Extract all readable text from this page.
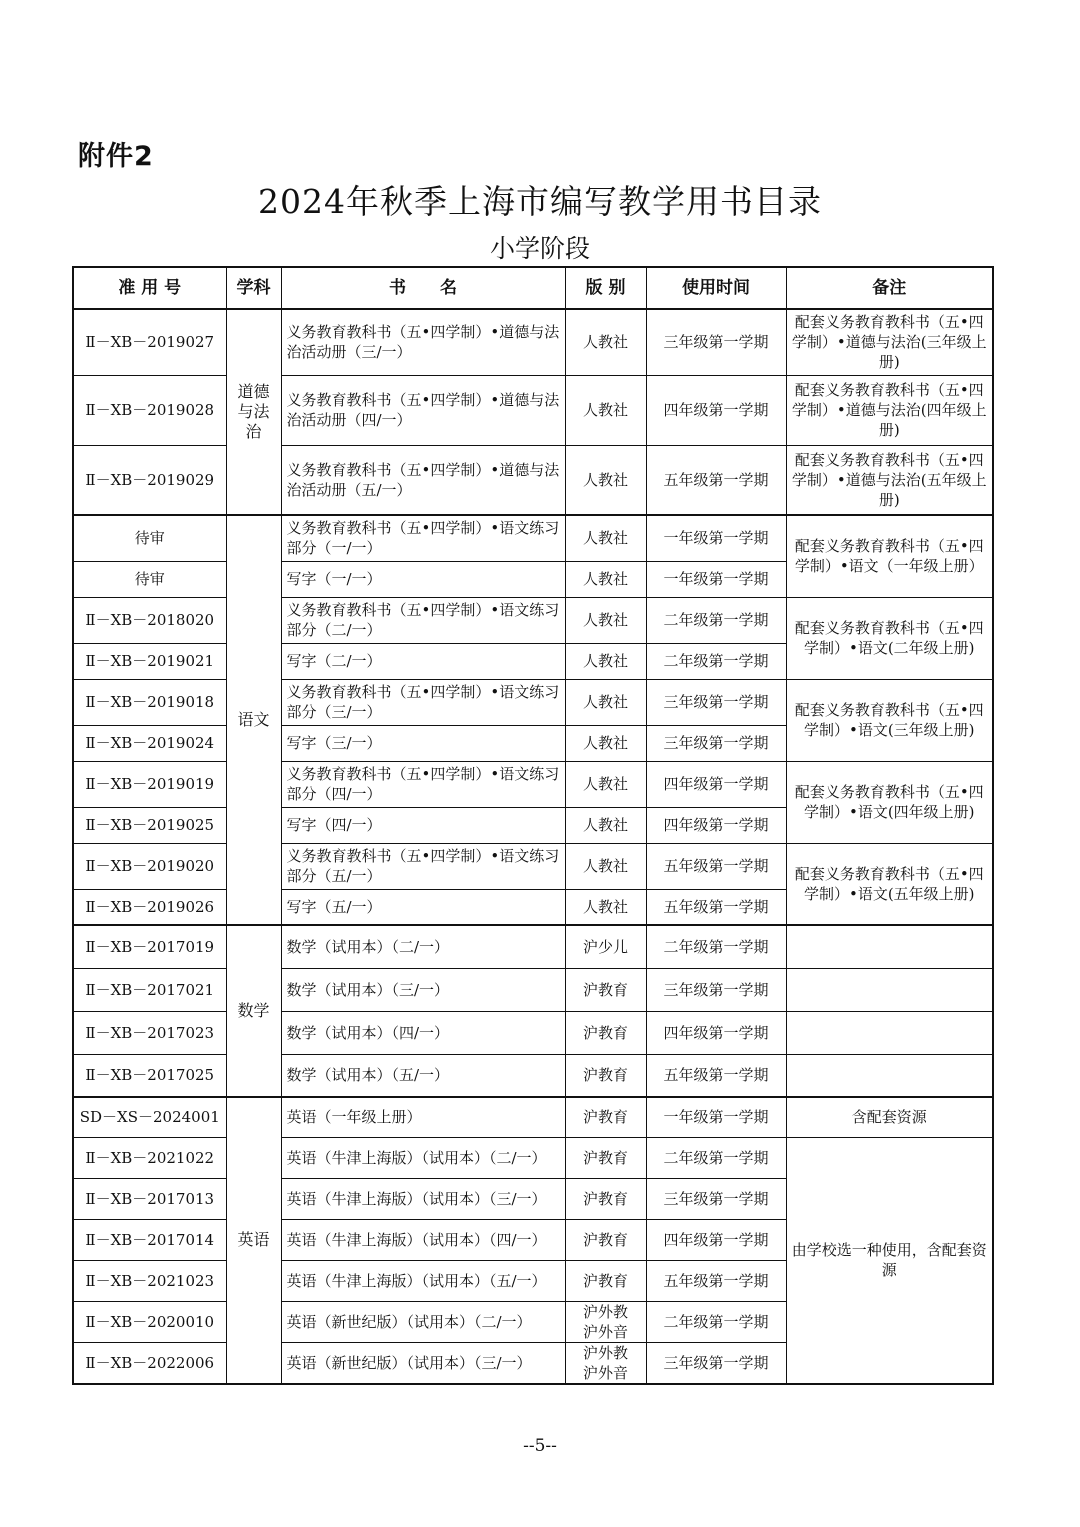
附件2
2024年秋季上海市编写教学用书目录
小学阶段
准 用 号	学科	书　　名	版 别	使用时间	备注
Ⅱ－XB－2019027	道德与法治	义务教育教科书（五•四学制）•道德与法治活动册（三/一）	人教社	三年级第一学期	配套义务教育教科书（五•四学制）•道德与法治(三年级上册)
Ⅱ－XB－2019028		义务教育教科书（五•四学制）•道德与法治活动册（四/一）	人教社	四年级第一学期	配套义务教育教科书（五•四学制）•道德与法治(四年级上册)
Ⅱ－XB－2019029		义务教育教科书（五•四学制）•道德与法治活动册（五/一）	人教社	五年级第一学期	配套义务教育教科书（五•四学制）•道德与法治(五年级上册)
待审	语文	义务教育教科书（五•四学制）•语文练习部分（一/一）	人教社	一年级第一学期	配套义务教育教科书（五•四学制）•语文（一年级上册）
待审		写字（一/一）	人教社	一年级第一学期	
Ⅱ－XB－2018020		义务教育教科书（五•四学制）•语文练习部分（二/一）	人教社	二年级第一学期	配套义务教育教科书（五•四学制）•语文(二年级上册)
Ⅱ－XB－2019021		写字（二/一）	人教社	二年级第一学期	
Ⅱ－XB－2019018		义务教育教科书（五•四学制）•语文练习部分（三/一）	人教社	三年级第一学期	配套义务教育教科书（五•四学制）•语文(三年级上册)
Ⅱ－XB－2019024		写字（三/一）	人教社	三年级第一学期	
Ⅱ－XB－2019019		义务教育教科书（五•四学制）•语文练习部分（四/一）	人教社	四年级第一学期	配套义务教育教科书（五•四学制）•语文(四年级上册)
Ⅱ－XB－2019025		写字（四/一）	人教社	四年级第一学期	
Ⅱ－XB－2019020		义务教育教科书（五•四学制）•语文练习部分（五/一）	人教社	五年级第一学期	配套义务教育教科书（五•四学制）•语文(五年级上册)
Ⅱ－XB－2019026		写字（五/一）	人教社	五年级第一学期	
Ⅱ－XB－2017019	数学	数学（试用本）（二/一）	沪少儿	二年级第一学期	
Ⅱ－XB－2017021		数学（试用本）（三/一）	沪教育	三年级第一学期	
Ⅱ－XB－2017023		数学（试用本）（四/一）	沪教育	四年级第一学期	
Ⅱ－XB－2017025		数学（试用本）（五/一）	沪教育	五年级第一学期	
SD－XS－2024001	英语	英语（一年级上册）	沪教育	一年级第一学期	含配套资源
Ⅱ－XB－2021022		英语（牛津上海版）（试用本）（二/一）	沪教育	二年级第一学期	由学校选一种使用，含配套资源
Ⅱ－XB－2017013		英语（牛津上海版）（试用本）（三/一）	沪教育	三年级第一学期	
Ⅱ－XB－2017014		英语（牛津上海版）（试用本）（四/一）	沪教育	四年级第一学期	
Ⅱ－XB－2021023		英语（牛津上海版）（试用本）（五/一）	沪教育	五年级第一学期	
Ⅱ－XB－2020010		英语（新世纪版）（试用本）（二/一）	沪外教沪外音	二年级第一学期	
Ⅱ－XB－2022006		英语（新世纪版）（试用本）（三/一）	沪外教沪外音	三年级第一学期	
--5--
